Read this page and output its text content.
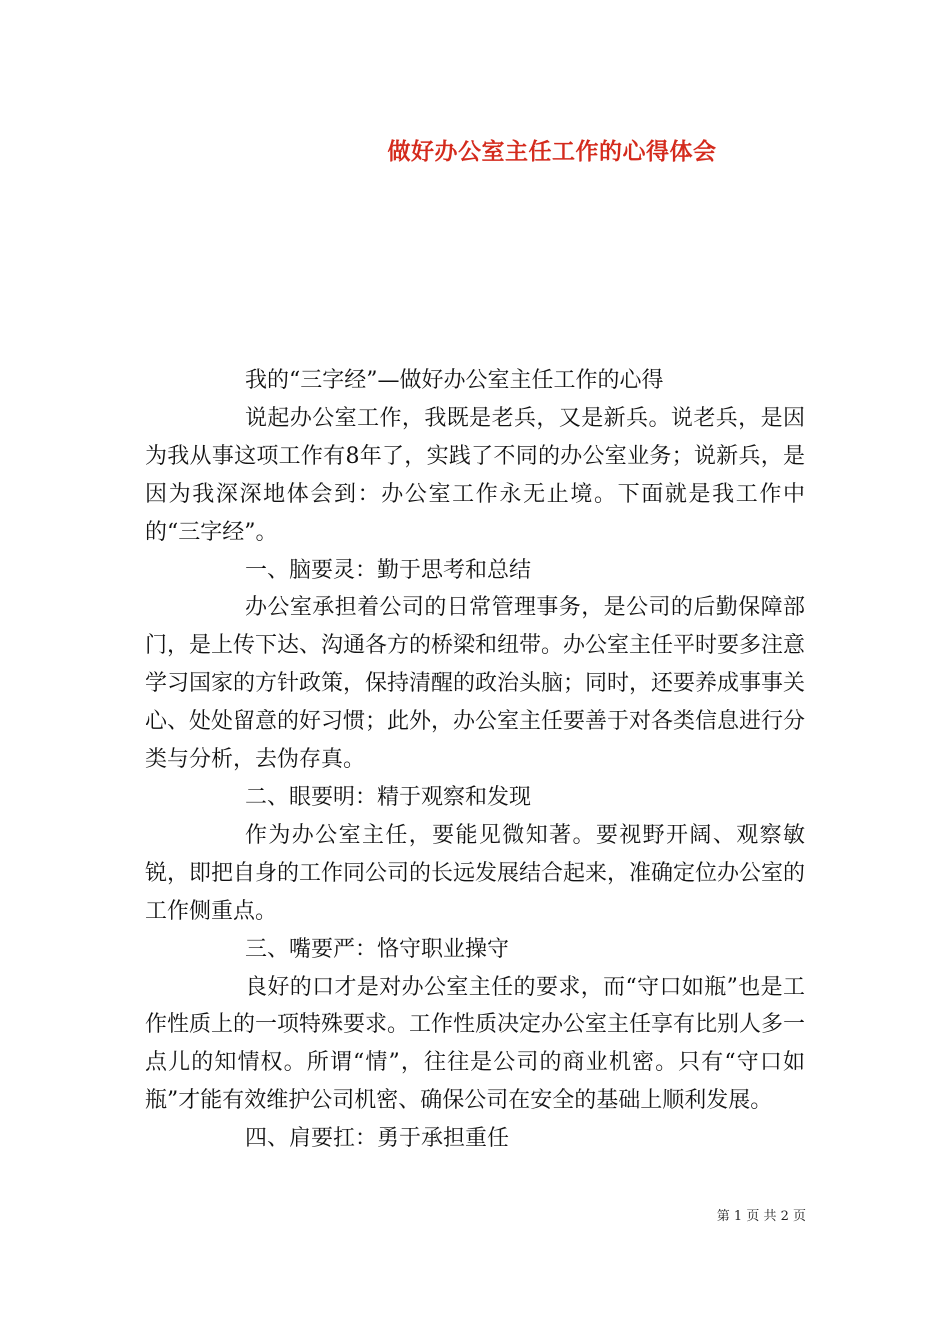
做好办公室主任工作的心得体会

我的“三字经”—做好办公室主任工作的心得

说起办公室工作，我既是老兵，又是新兵。说老兵，是因为我从事这项工作有8年了，实践了不同的办公室业务；说新兵，是因为我深深地体会到：办公室工作永无止境。下面就是我工作中的“三字经”。

一、脑要灵：勤于思考和总结

办公室承担着公司的日常管理事务，是公司的后勤保障部门，是上传下达、沟通各方的桥梁和纽带。办公室主任平时要多注意学习国家的方针政策，保持清醒的政治头脑；同时，还要养成事事关心、处处留意的好习惯；此外，办公室主任要善于对各类信息进行分类与分析，去伪存真。

二、眼要明：精于观察和发现

作为办公室主任，要能见微知著。要视野开阔、观察敏锐，即把自身的工作同公司的长远发展结合起来，准确定位办公室的工作侧重点。

三、嘴要严：恪守职业操守

良好的口才是对办公室主任的要求，而“守口如瓶”也是工作性质上的一项特殊要求。工作性质决定办公室主任享有比别人多一点儿的知情权。所谓“情”，往往是公司的商业机密。只有“守口如瓶”才能有效维护公司机密、确保公司在安全的基础上顺利发展。

四、肩要扛：勇于承担重任

第 1 页 共 2 页
